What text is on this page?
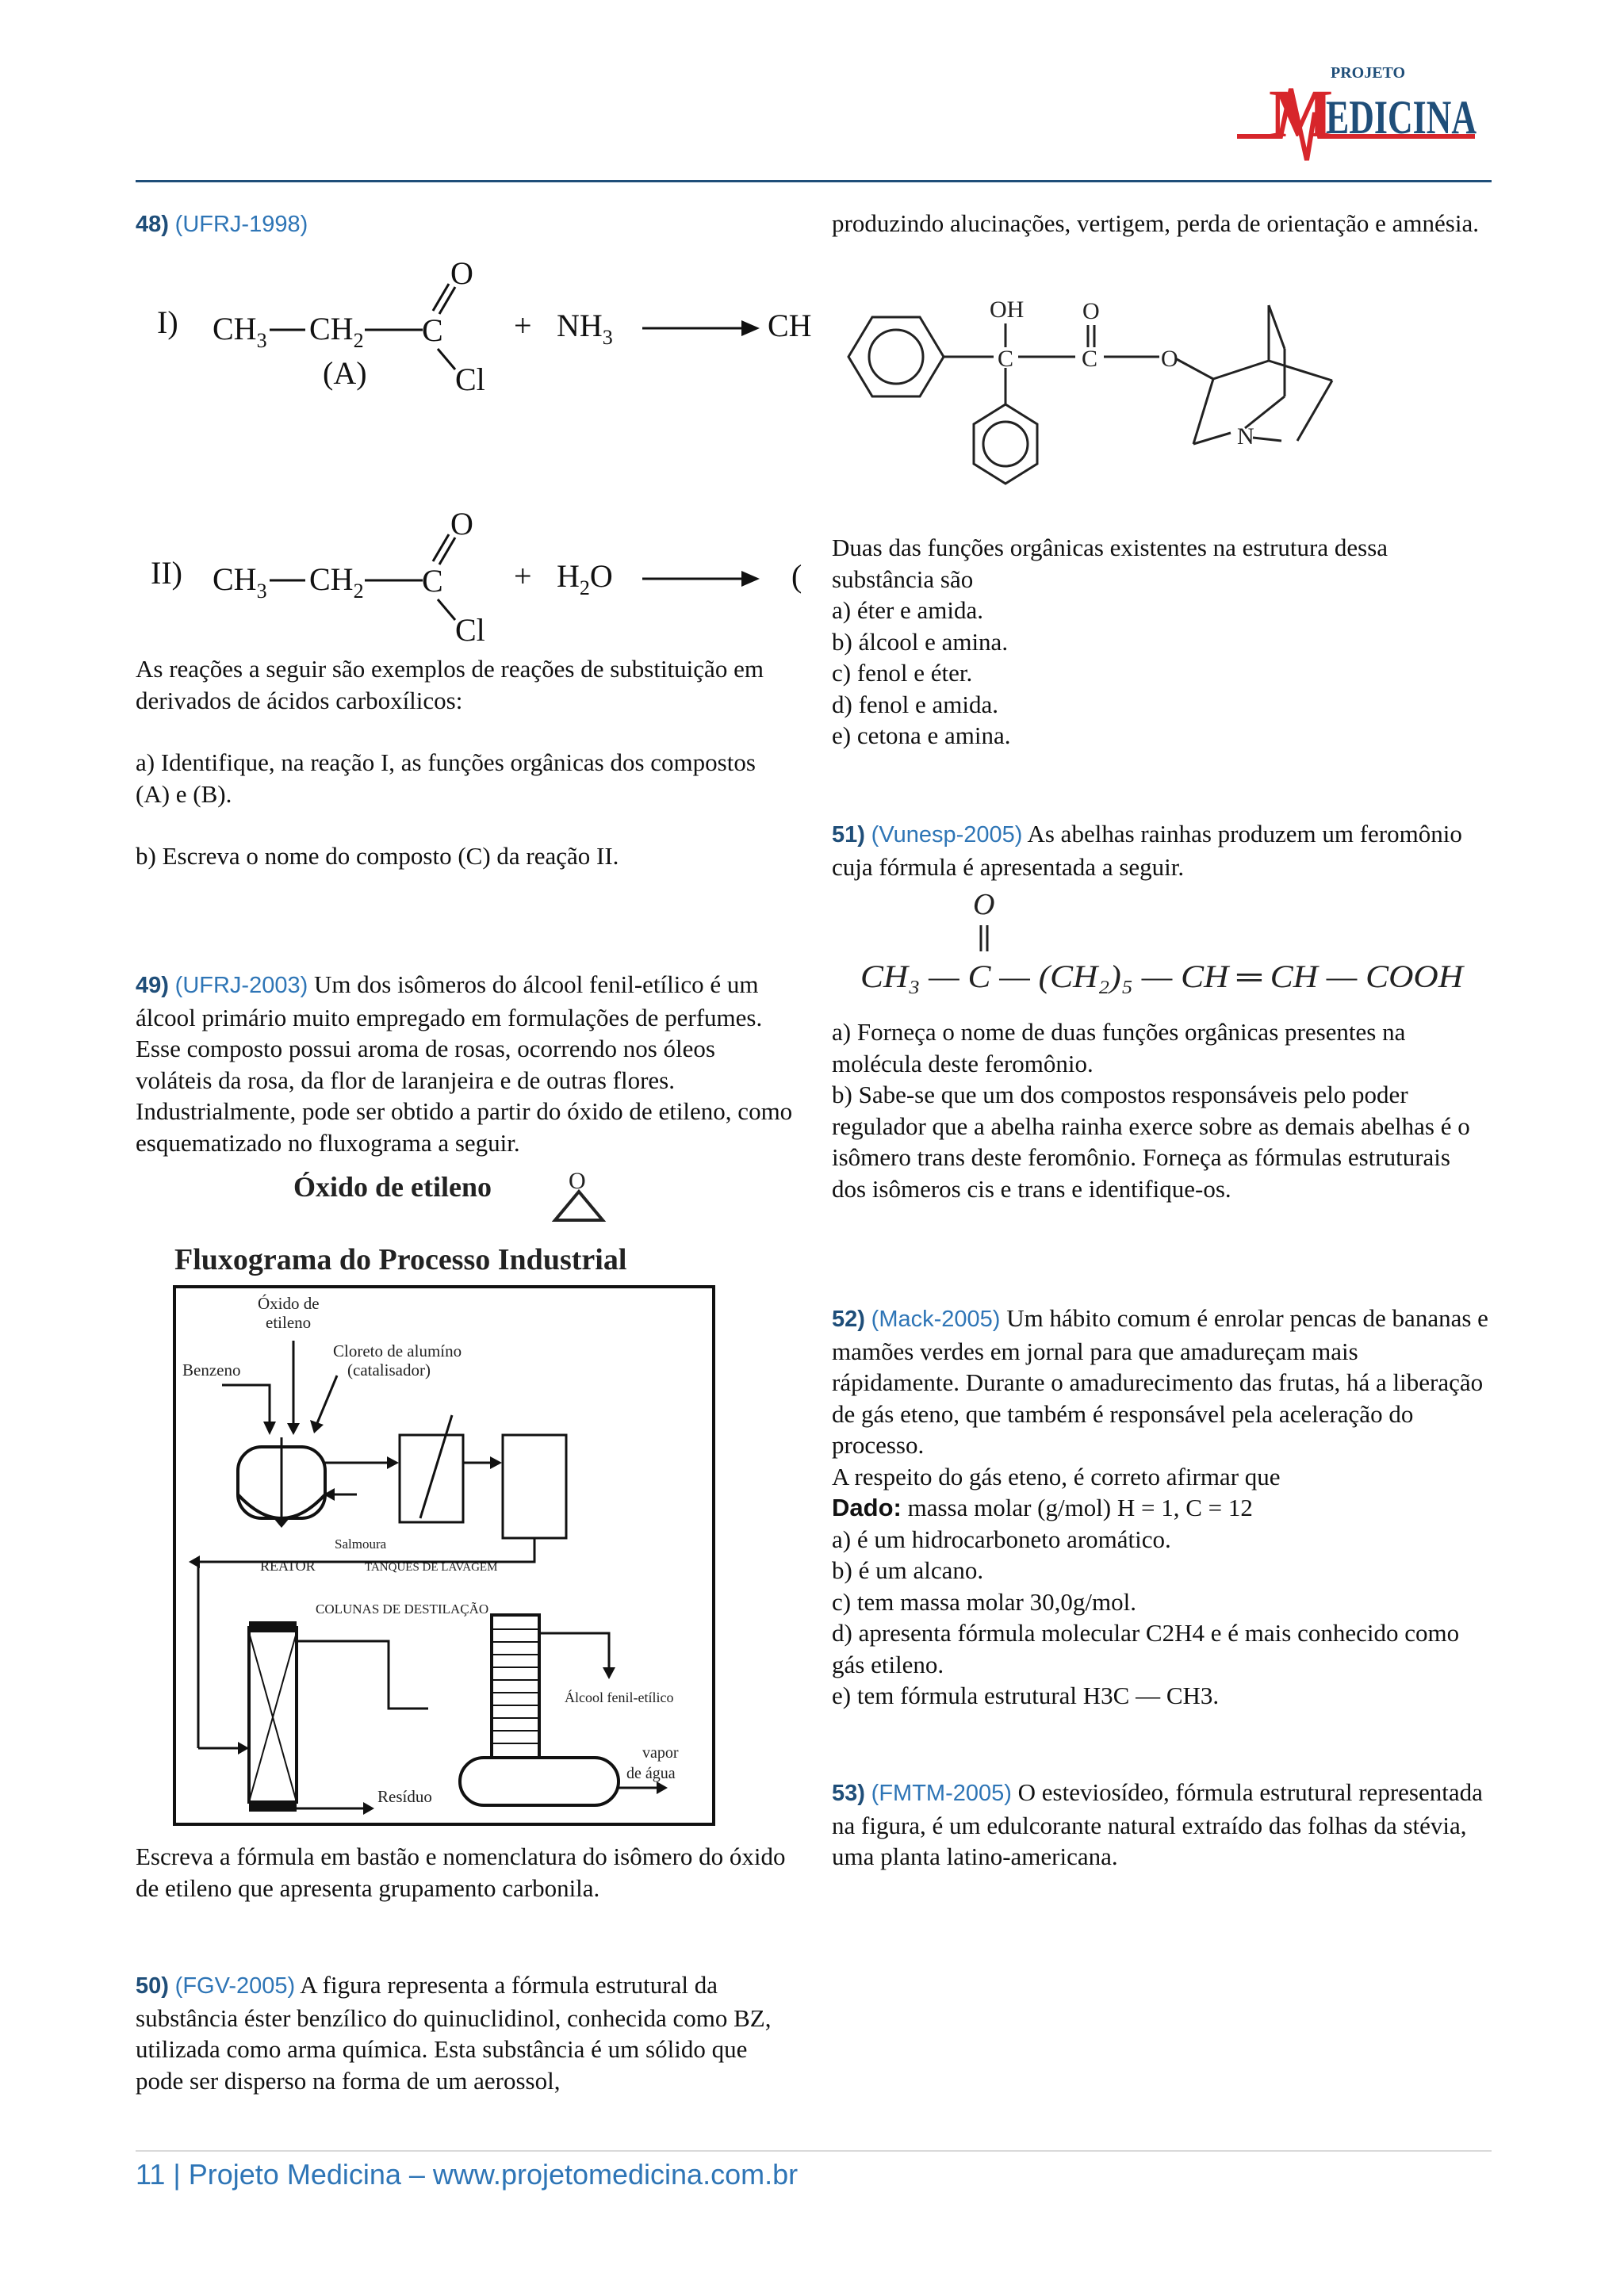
PROJETO
M
EDICINA
48) (UFRJ-1998)
I) $CH_3$ $CH_2$ C
O
Cl
(A)
+ $NH_3$	CH
II) $CH_3$ $CH_2$ C
O
Cl
+ $H_2O$	(

As reações a seguir são exemplos de reações de substituição em derivados de ácidos carboxílicos:

a) Identifique, na reação I, as funções orgânicas dos compostos (A) e (B).

b) Escreva o nome do composto (C) da reação II.

49) (UFRJ-2003) Um dos isômeros do álcool fenil-etílico é um álcool primário muito empregado em formulações de perfumes. Esse composto possui aroma de rosas, ocorrendo nos óleos voláteis da rosa, da flor de laranjeira e de outras flores. Industrialmente, pode ser obtido a partir do óxido de etileno, como esquematizado no fluxograma a seguir.

Óxido de etileno	O
Fluxograma do Processo Industrial
Óxido de etileno
Cloreto de alumíno (catalisador)
Benzeno
Salmoura
REATOR	TANQUES DE LAVAGEM
COLUNAS DE DESTILAÇÃO
Álcool fenil-etílico
vapor de água
Resíduo
Escreva a fórmula em bastão e nomenclatura do isômero do óxido de etileno que apresenta grupamento carbonila.

50) (FGV-2005) A figura representa a fórmula estrutural da substância éster benzílico do quinuclidinol, conhecida como BZ, utilizada como arma química. Esta substância é um sólido que pode ser disperso na forma de um aerossol,

produzindo alucinações, vertigem, perda de orientação e amnésia.
OH
C
O
C	O
N

Duas das funções orgânicas existentes na estrutura dessa substância são

a) éter e amida.

b) álcool e amina.

c) fenol e éter.

d) fenol e amida.

e) cetona e amina.

51) (Vunesp-2005) As abelhas rainhas produzem um feromônio cuja fórmula é apresentada a seguir.

O
CH₃ — C — (CH₂)₅ — CH ═ CH — COOH

a) Forneça o nome de duas funções orgânicas presentes na molécula deste feromônio.

b) Sabe-se que um dos compostos responsáveis pelo poder regulador que a abelha rainha exerce sobre as demais abelhas é o isômero trans deste feromônio. Forneça as fórmulas estruturais dos isômeros cis e trans e identifique-os.

52) (Mack-2005) Um hábito comum é enrolar pencas de bananas e mamões verdes em jornal para que amadureçam mais rápidamente. Durante o amadurecimento das frutas, há a liberação de gás eteno, que também é responsável pela aceleração do processo.

A respeito do gás eteno, é correto afirmar que

Dado: massa molar (g/mol) H = 1, C = 12

a) é um hidrocarboneto aromático.

b) é um alcano.

c) tem massa molar 30,0g/mol.

d) apresenta fórmula molecular C2H4 e é mais conhecido como gás etileno.

e) tem fórmula estrutural H3C — CH3.

53) (FMTM-2005) O esteviosídeo, fórmula estrutural representada na figura, é um edulcorante natural extraído das folhas da stévia, uma planta latino-americana.

11 | Projeto Medicina – www.projetomedicina.com.br
